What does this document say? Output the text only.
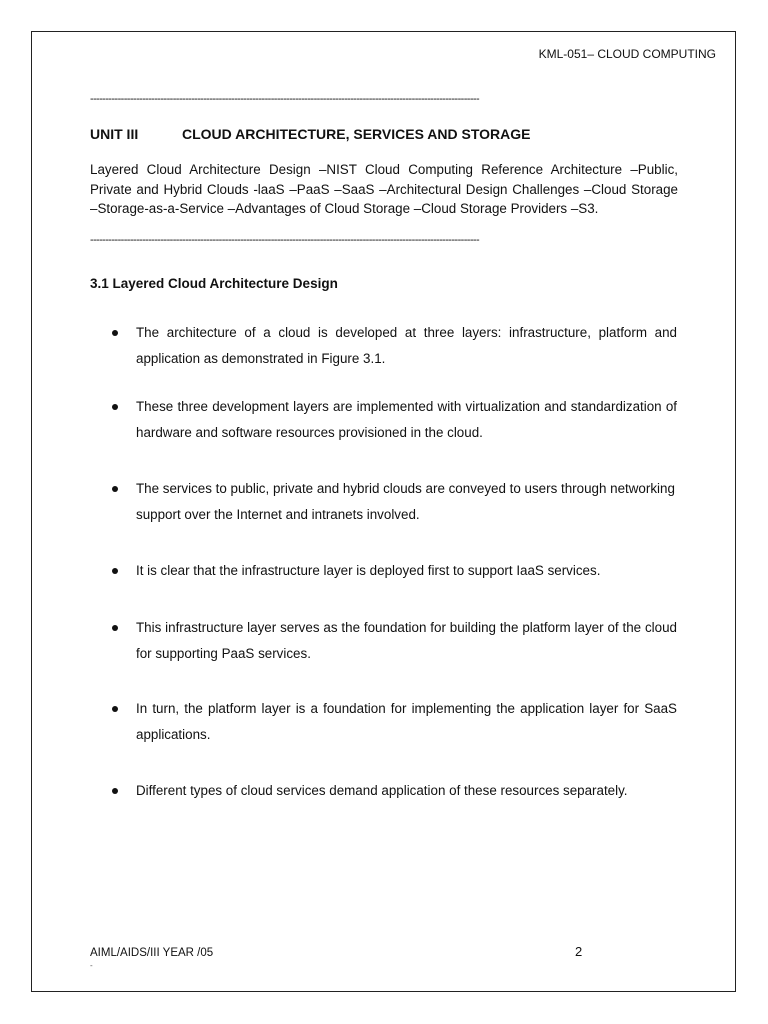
KML-051– CLOUD COMPUTING
-------------------------------------------------------------------------------------------------------------------------------
UNIT III	CLOUD ARCHITECTURE, SERVICES AND STORAGE

Layered Cloud Architecture Design –NIST Cloud Computing Reference Architecture –Public, Private and Hybrid Clouds -laaS –PaaS –SaaS –Architectural Design Challenges –Cloud Storage –Storage-as-a-Service –Advantages of Cloud Storage –Cloud Storage Providers –S3.

-------------------------------------------------------------------------------------------------------------------------------
3.1 Layered Cloud Architecture Design
The architecture of a cloud is developed at three layers: infrastructure, platform and application as demonstrated in Figure 3.1.
These three development layers are implemented with virtualization and standardization of hardware and software resources provisioned in the cloud.
The services to public, private and hybrid clouds are conveyed to users through networking support over the Internet and intranets involved.
It is clear that the infrastructure layer is deployed first to support IaaS services.
This infrastructure layer serves as the foundation for building the platform layer of the cloud for supporting PaaS services.
In turn, the platform layer is a foundation for implementing the application layer for SaaS applications.
Different types of cloud services demand application of these resources separately.
AIML/AIDS/III YEAR /05
-
2
